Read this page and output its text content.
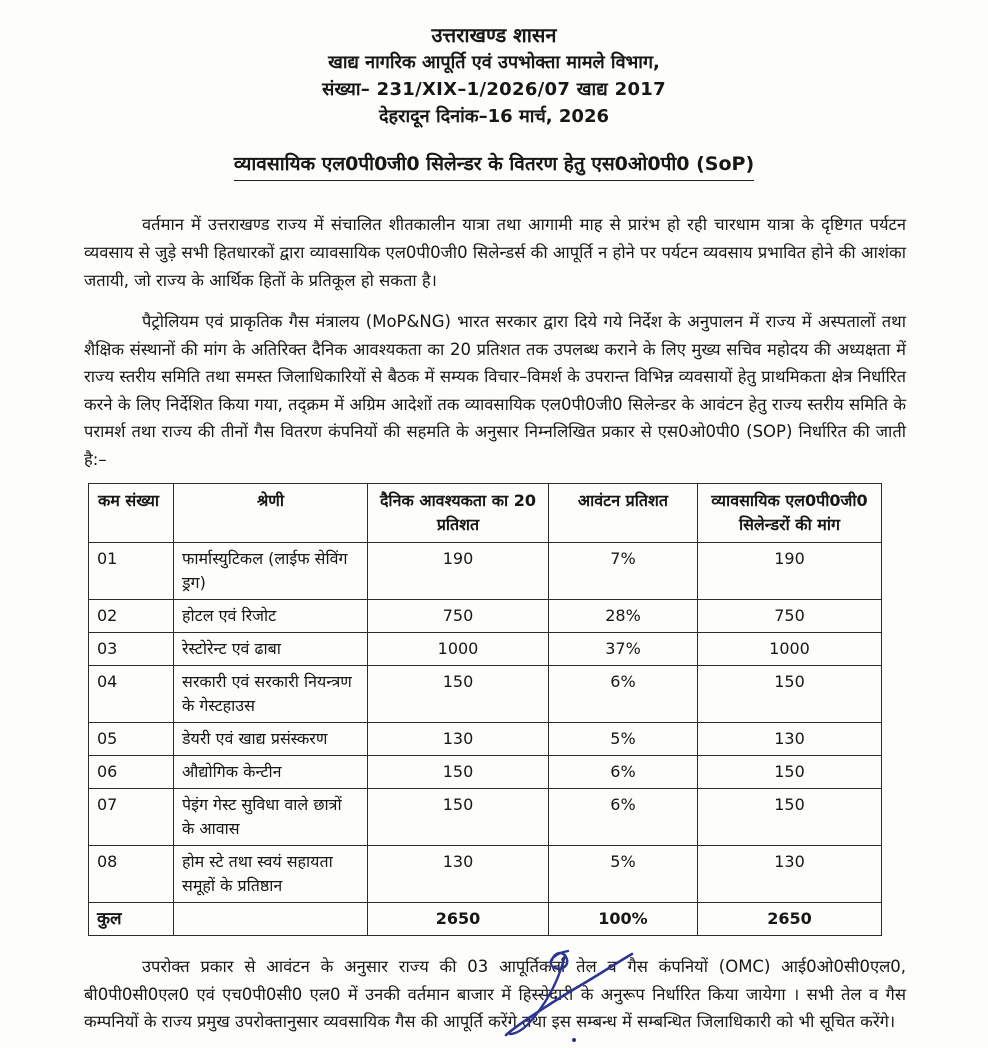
उत्तराखण्ड शासन
खाद्य नागरिक आपूर्ति एवं उपभोक्ता मामले विभाग,
संख्या– 231/XIX–1/2026/07 खाद्य 2017
देहरादून दिनांक–16 मार्च, 2026
व्यावसायिक एल0पी0जी0 सिलेन्डर के वितरण हेतु एस0ओ0पी0 (SoP)

वर्तमान में उत्तराखण्ड राज्य में संचालित शीतकालीन यात्रा तथा आगामी माह से प्रारंभ हो रही चारधाम यात्रा के दृष्टिगत पर्यटन व्यवसाय से जुड़े सभी हितधारकों द्वारा व्यावसायिक एल0पी0जी0 सिलेन्डर्स की आपूर्ति न होने पर पर्यटन व्यवसाय प्रभावित होने की आशंका जतायी, जो राज्य के आर्थिक हितों के प्रतिकूल हो सकता है।

पैट्रोलियम एवं प्राकृतिक गैस मंत्रालय (MoP&NG) भारत सरकार द्वारा दिये गये निर्देश के अनुपालन में राज्य में अस्पतालों तथा शैक्षिक संस्थानों की मांग के अतिरिक्त दैनिक आवश्यकता का 20 प्रतिशत तक उपलब्ध कराने के लिए मुख्य सचिव महोदय की अध्यक्षता में राज्य स्तरीय समिति तथा समस्त जिलाधिकारियों से बैठक में सम्यक विचार–विमर्श के उपरान्त विभिन्न व्यवसायों हेतु प्राथमिकता क्षेत्र निर्धारित करने के लिए निर्देशित किया गया, तद्क्रम में अग्रिम आदेशों तक व्यावसायिक एल0पी0जी0 सिलेन्डर के आवंटन हेतु राज्य स्तरीय समिति के परामर्श तथा राज्य की तीनों गैस वितरण कंपनियों की सहमति के अनुसार निम्नलिखित प्रकार से एस0ओ0पी0 (SOP) निर्धारित की जाती है:–

कम संख्या	श्रेणी	दैनिक आवश्यकता का 20 प्रतिशत	आवंटन प्रतिशत	व्यावसायिक एल0पी0जी0 सिलेन्डरों की मांग
01	फार्मास्युटिकल (लाईफ सेविंग ड्रग)	190	7%	190
02	होटल एवं रिजोट	750	28%	750
03	रेस्टोरेन्ट एवं ढाबा	1000	37%	1000
04	सरकारी एवं सरकारी नियन्त्रण के गेस्टहाउस	150	6%	150
05	डेयरी एवं खाद्य प्रसंस्करण	130	5%	130
06	औद्योगिक केन्टीन	150	6%	150
07	पेइंग गेस्ट सुविधा वाले छात्रों के आवास	150	6%	150
08	होम स्टे तथा स्वयं सहायता समूहों के प्रतिष्ठान	130	5%	130
कुल		2650	100%	2650

उपरोक्त प्रकार से आवंटन के अनुसार राज्य की 03 आपूर्तिकर्ता तेल व गैस कंपनियों (OMC) आई0ओ0सी0एल0, बी0पी0सी0एल0 एवं एच0पी0सी0 एल0 में उनकी वर्तमान बाजार में हिस्सेदारी के अनुरूप निर्धारित किया जायेगा । सभी तेल व गैस कम्पनियों के राज्य प्रमुख उपरोक्तानुसार व्यवसायिक गैस की आपूर्ति करेंगे तथा इस सम्बन्ध में सम्बन्धित जिलाधिकारी को भी सूचित करेंगे।
